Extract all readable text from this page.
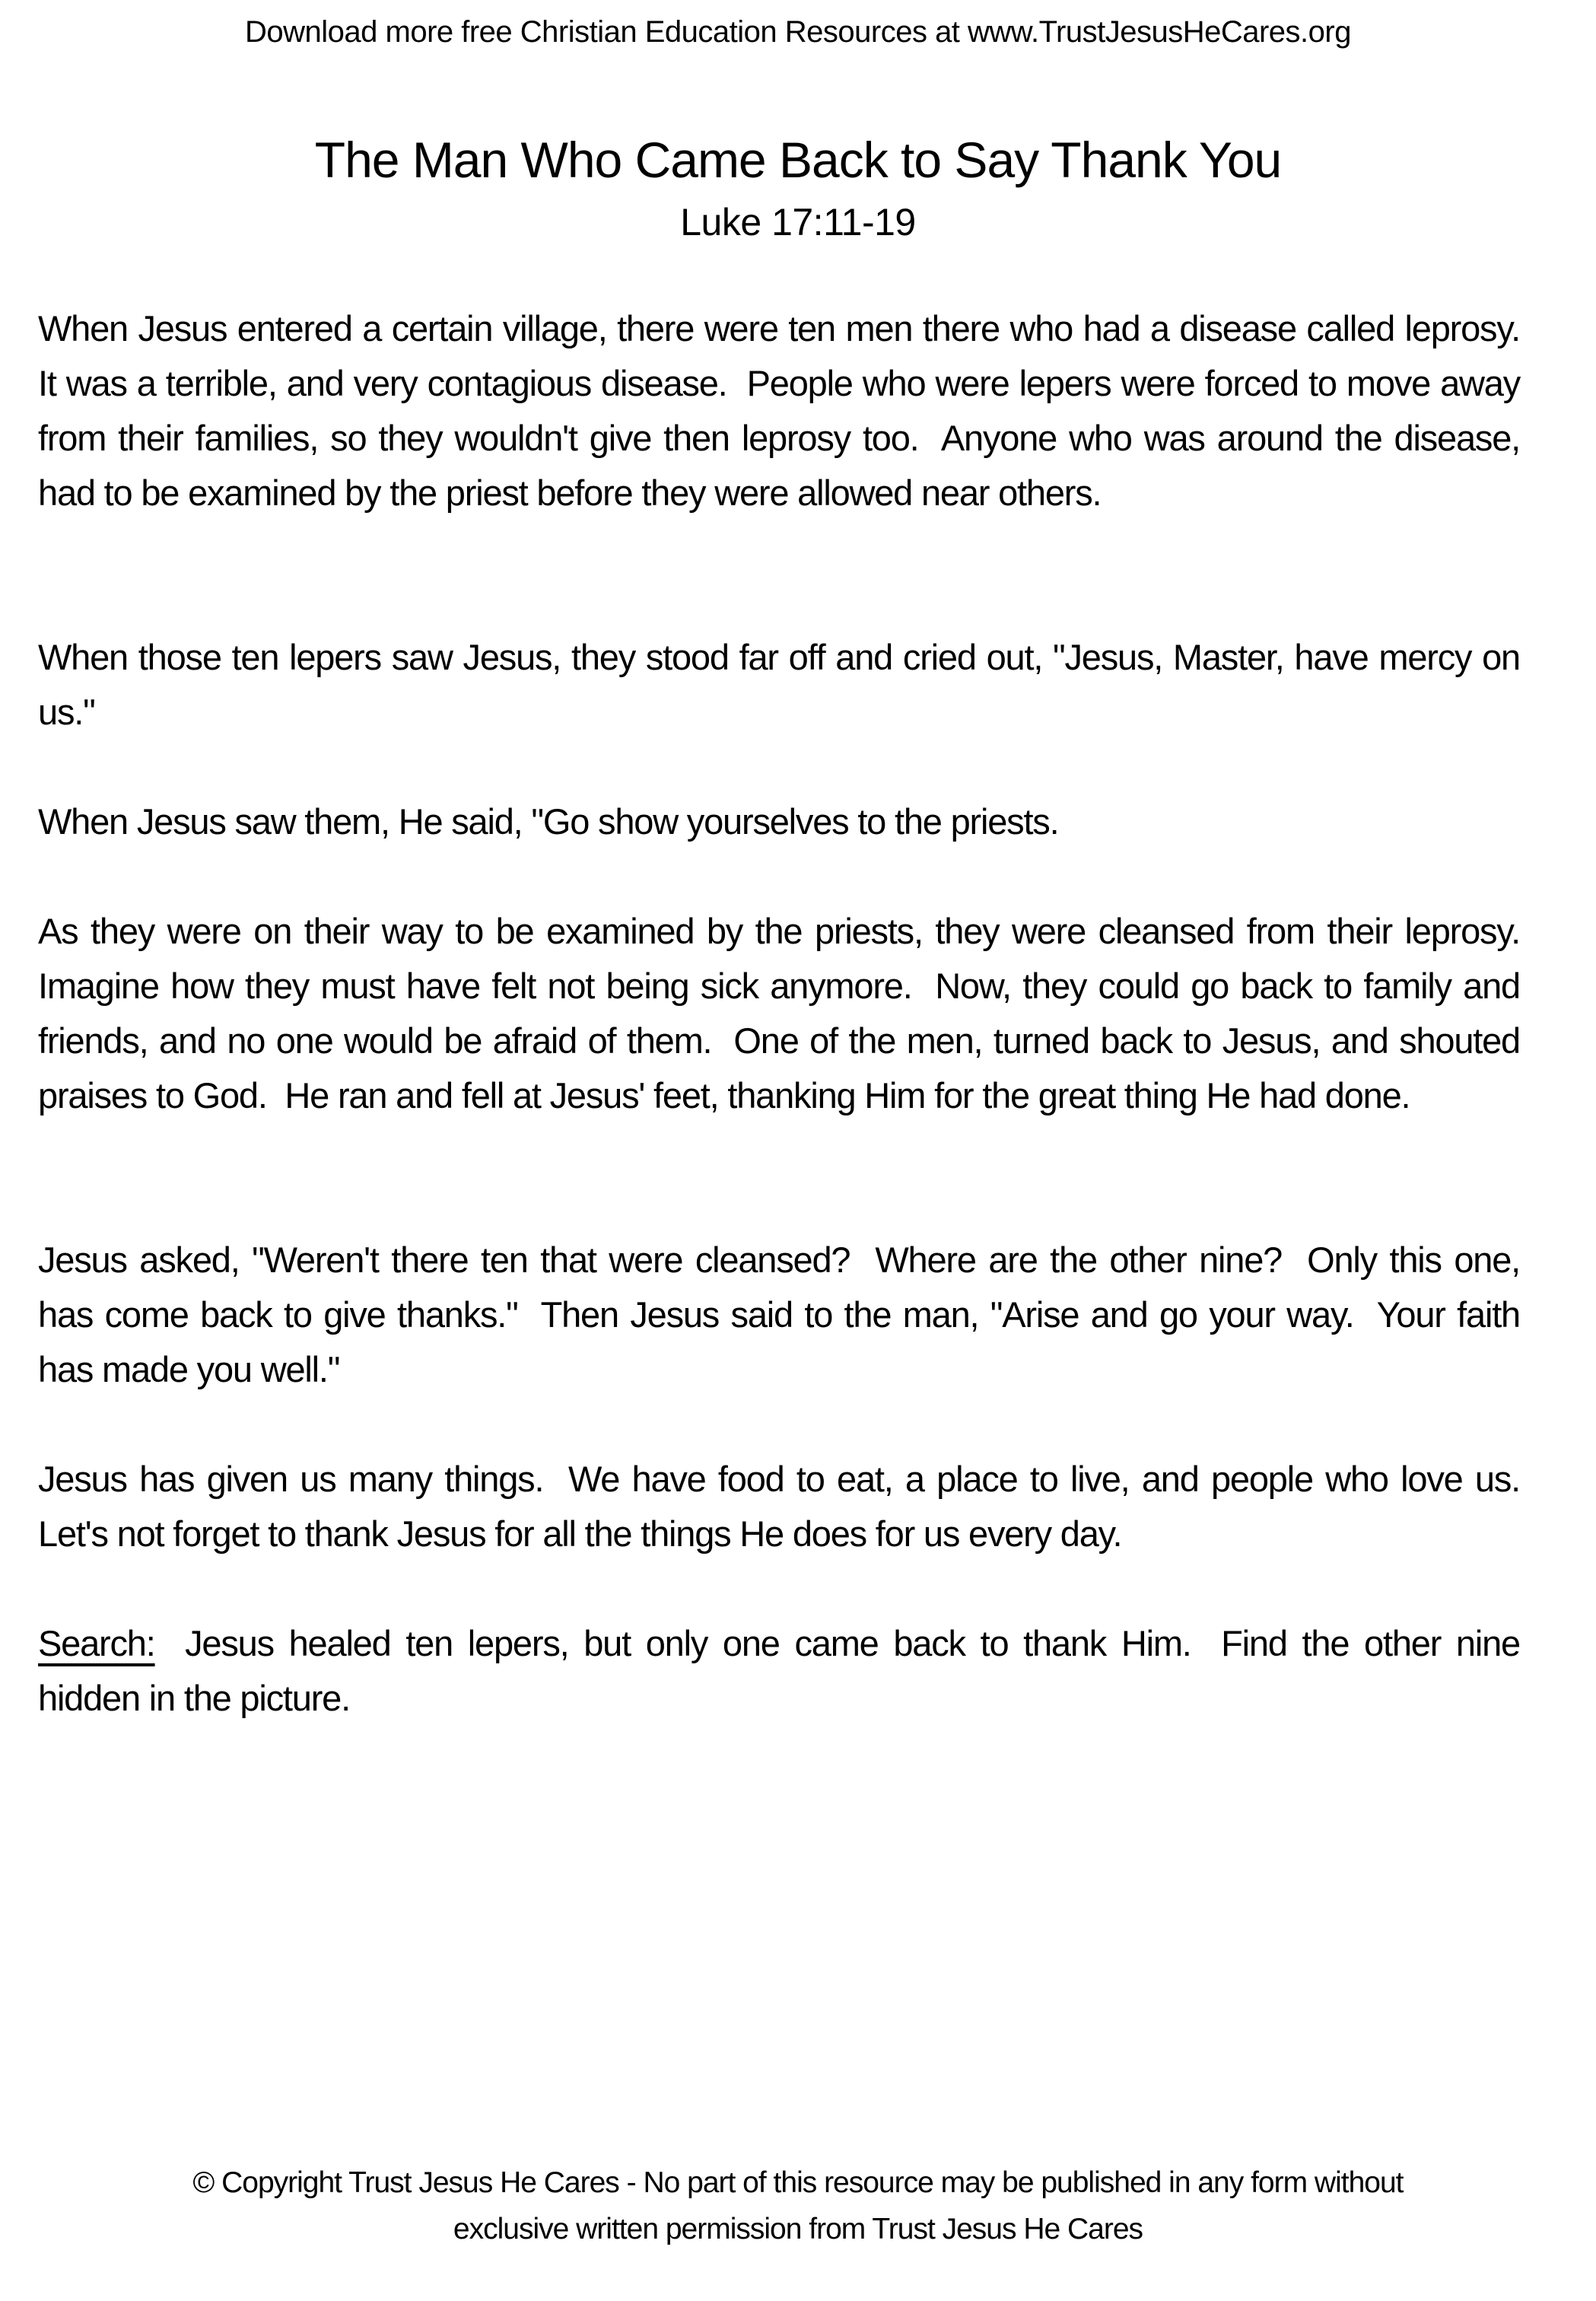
Download more free Christian Education Resources at www.TrustJesusHeCares.org
The Man Who Came Back to Say Thank You
Luke 17:11-19

When Jesus entered a certain village, there were ten men there who had a disease called leprosy.  It was a terrible, and very contagious disease.  People who were lepers were forced to move away from their families, so they wouldn't give then leprosy too.  Anyone who was around the disease, had to be examined by the priest before they were allowed near others.

When those ten lepers saw Jesus, they stood far off and cried out, "Jesus, Master, have mercy on us."

When Jesus saw them, He said, "Go show yourselves to the priests.

As they were on their way to be examined by the priests, they were cleansed from their leprosy.  Imagine how they must have felt not being sick anymore.  Now, they could go back to family and friends, and no one would be afraid of them.  One of the men, turned back to Jesus, and shouted praises to God.  He ran and fell at Jesus' feet, thanking Him for the great thing He had done.

Jesus asked, "Weren't there ten that were cleansed?  Where are the other nine?  Only this one, has come back to give thanks."  Then Jesus said to the man, "Arise and go your way.  Your faith has made you well."

Jesus has given us many things.  We have food to eat, a place to live, and people who love us.  Let's not forget to thank Jesus for all the things He does for us every day.

Search:  Jesus healed ten lepers, but only one came back to thank Him.  Find the other nine hidden in the picture.

© Copyright Trust Jesus He Cares - No part of this resource may be published in any form without
exclusive written permission from Trust Jesus He Cares
